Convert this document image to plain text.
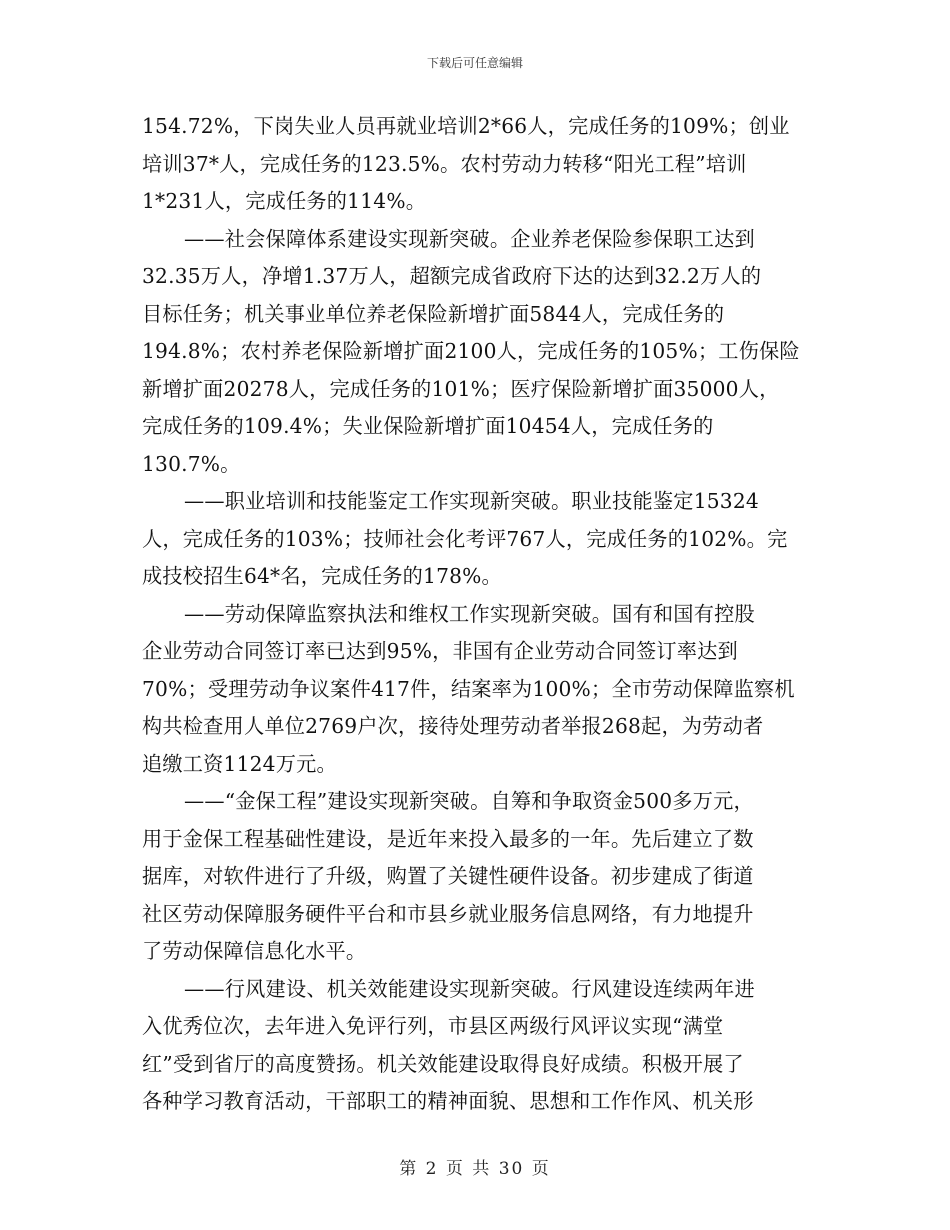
下载后可任意编辑
154.72%，下岗失业人员再就业培训2*66人，完成任务的109%；创业
培训37*人，完成任务的123.5%。农村劳动力转移“阳光工程”培训
1*231人，完成任务的114%。
——社会保障体系建设实现新突破。企业养老保险参保职工达到
32.35万人，净增1.37万人，超额完成省政府下达的达到32.2万人的
目标任务；机关事业单位养老保险新增扩面5844人，完成任务的
194.8%；农村养老保险新增扩面2100人，完成任务的105%；工伤保险
新增扩面20278人，完成任务的101%；医疗保险新增扩面35000人，
完成任务的109.4%；失业保险新增扩面10454人，完成任务的
130.7%。
——职业培训和技能鉴定工作实现新突破。职业技能鉴定15324
人，完成任务的103%；技师社会化考评767人，完成任务的102%。完
成技校招生64*名，完成任务的178%。
——劳动保障监察执法和维权工作实现新突破。国有和国有控股
企业劳动合同签订率已达到95%，非国有企业劳动合同签订率达到
70%；受理劳动争议案件417件，结案率为100%；全市劳动保障监察机
构共检查用人单位2769户次，接待处理劳动者举报268起，为劳动者
追缴工资1124万元。
——“金保工程”建设实现新突破。自筹和争取资金500多万元，
用于金保工程基础性建设，是近年来投入最多的一年。先后建立了数
据库，对软件进行了升级，购置了关键性硬件设备。初步建成了街道
社区劳动保障服务硬件平台和市县乡就业服务信息网络，有力地提升
了劳动保障信息化水平。
——行风建设、机关效能建设实现新突破。行风建设连续两年进
入优秀位次，去年进入免评行列，市县区两级行风评议实现“满堂
红”受到省厅的高度赞扬。机关效能建设取得良好成绩。积极开展了
各种学习教育活动，干部职工的精神面貌、思想和工作作风、机关形
第 2 页 共 30 页
